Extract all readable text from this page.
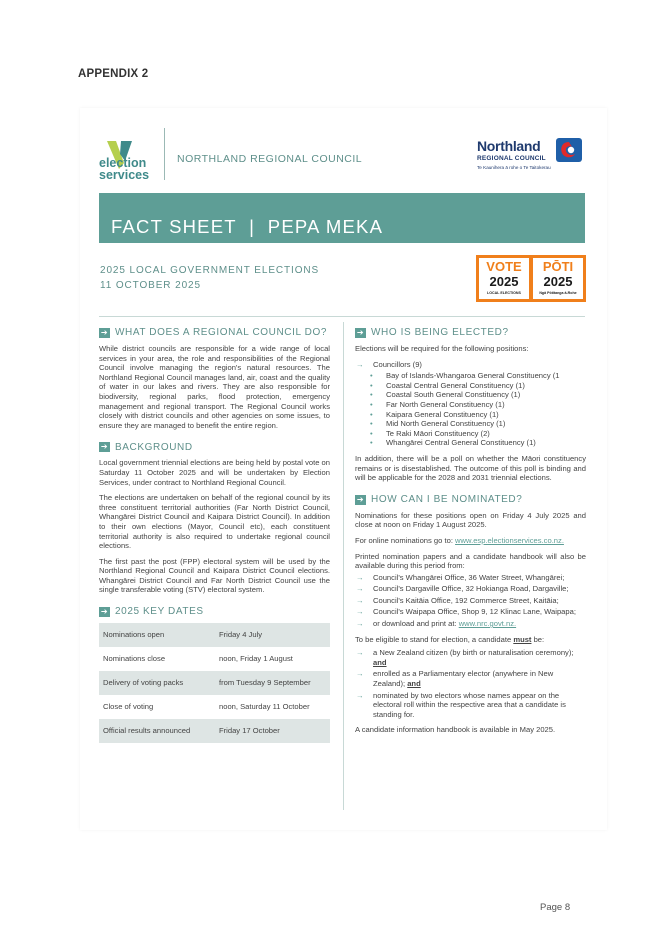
APPENDIX 2
election
services
NORTHLAND REGIONAL COUNCIL
Northland
REGIONAL COUNCIL
Te Kaunihera ā rohe o Te Taitokerau
FACT SHEET  |  PEPA MEKA
2025 LOCAL GOVERNMENT ELECTIONS
11 OCTOBER 2025
VOTE
2025
LOCAL ELECTIONS
PŌTI
2025
Ngā Pōtitanga ā-Rohe
➔ WHAT DOES A REGIONAL COUNCIL DO?

While district councils are responsible for a wide range of local services in your area, the role and responsibilities of the Regional Council involve managing the region's natural resources. The Northland Regional Council manages land, air, coast and the quality of water in our lakes and rivers. They are also responsible for biodiversity, regional parks, flood protection, emergency management and regional transport. The Regional Council works closely with district councils and other agencies on some issues, to ensure they are managed to benefit the entire region.

➔ BACKGROUND

Local government triennial elections are being held by postal vote on Saturday 11 October 2025 and will be undertaken by Election Services, under contract to Northland Regional Council.

The elections are undertaken on behalf of the regional council by its three constituent territorial authorities (Far North District Council, Whangārei District Council and Kaipara District Council). In addition to their own elections (Mayor, Council etc), each constituent territorial authority is also required to undertake regional council elections.

The first past the post (FPP) electoral system will be used by the Northland Regional Council and Kaipara District Council elections. Whangārei District Council and Far North District Council use the single transferable voting (STV) electoral system.

➔ 2025 KEY DATES
Nominations open	Friday 4 July
Nominations close	noon, Friday 1 August
Delivery of voting packs	from Tuesday 9 September
Close of voting	noon, Saturday 11 October
Official results announced	Friday 17 October
➔ WHO IS BEING ELECTED?

Elections will be required for the following positions:

→ Councillors (9)
• Bay of Islands-Whangaroa General Constituency (1
• Coastal Central General Constituency (1)
• Coastal South General Constituency (1)
• Far North General Constituency (1)
• Kaipara General Constituency (1)
• Mid North General Constituency (1)
• Te Raki Māori Constituency (2)
• Whangārei Central General Constituency (1)

In addition, there will be a poll on whether the Māori constituency remains or is disestablished. The outcome of this poll is binding and will be applicable for the 2028 and 2031 triennial elections.

➔ HOW CAN I BE NOMINATED?

Nominations for these positions open on Friday 4 July 2025 and close at noon on Friday 1 August 2025.

For online nominations go to: www.esp.electionservices.co.nz.

Printed nomination papers and a candidate handbook will also be available during this period from:

→ Council's Whangārei Office, 36 Water Street, Whangārei;
→ Council's Dargaville Office, 32 Hokianga Road, Dargaville;
→ Council's Kaitāia Office, 192 Commerce Street, Kaitāia;
→ Council's Waipapa Office, Shop 9, 12 Klinac Lane, Waipapa;
→ or download and print at: www.nrc.govt.nz.

To be eligible to stand for election, a candidate must be:

→ a New Zealand citizen (by birth or naturalisation ceremony); and
→ enrolled as a Parliamentary elector (anywhere in New Zealand); and
→ nominated by two electors whose names appear on the electoral roll within the respective area that a candidate is standing for.

A candidate information handbook is available in May 2025.

Page 8
